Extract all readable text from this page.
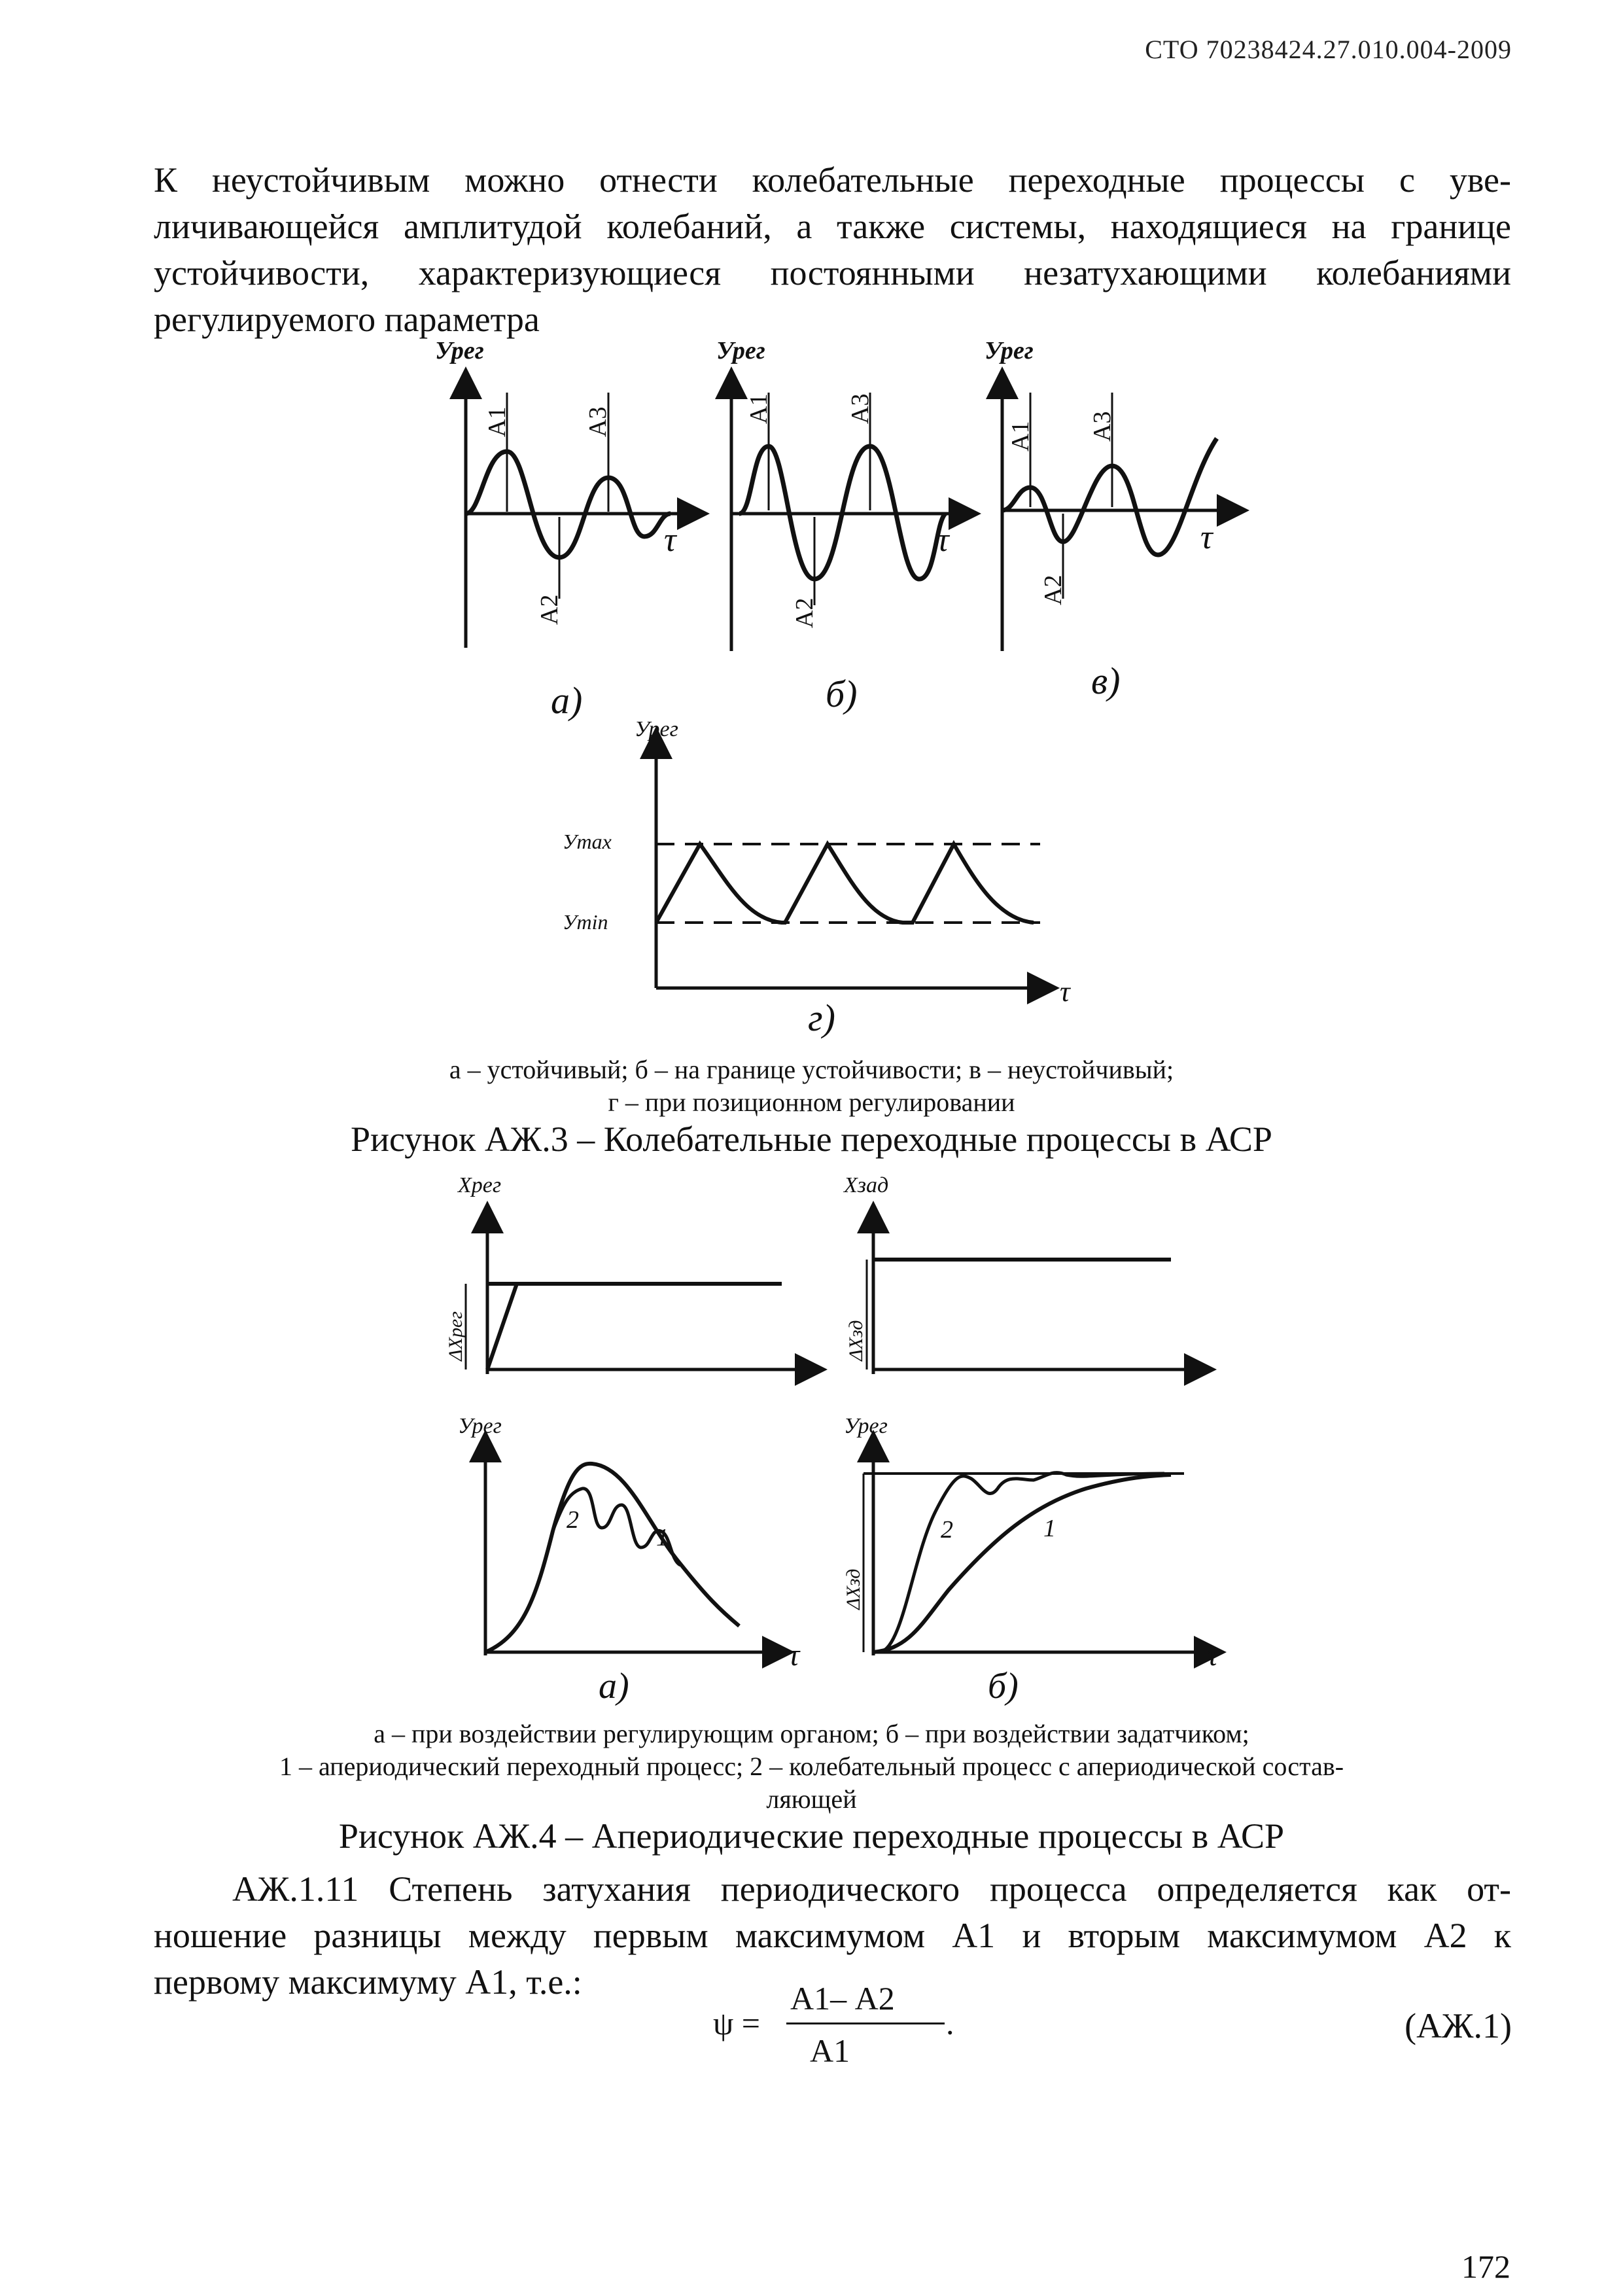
СТО 70238424.27.010.004-2009
К неустойчивым можно отнести колебательные переходные процессы с уве-
личивающейся амплитудой колебаний, а также системы, находящиеся на границе
устойчивости, характеризующиеся постоянными незатухающими колебаниями
регулируемого параметра
Урег	Урег	Урег
τ	τ	τ
а)	б)	в)
Урег
Уmax
Уmin
τ
г)
A1
A2
A3	A1
A2
A3
A1
A2
A3
а – устойчивый; б – на границе устойчивости; в – неустойчивый;
г – при позиционном регулировании
Рисунок АЖ.3 – Колебательные переходные процессы в АСР
Хрег	Хзад
Урег	Урег
1
2	1
2
τ	τ
а)	б)
ΔХрег	ΔХзд
ΔХзд
а – при воздействии регулирующим органом; б – при воздействии задатчиком;
1 – апериодический переходный процесс; 2 – колебательный процесс с апериодической состав-
ляющей
Рисунок АЖ.4 – Апериодические переходные процессы в АСР
АЖ.1.11 Степень затухания периодического процесса определяется как от-
ношение разницы между первым максимумом А1 и вторым максимумом А2 к
первому максимуму А1, т.е.:
ψ =
А1– А2
А1
.	(АЖ.1)
172
